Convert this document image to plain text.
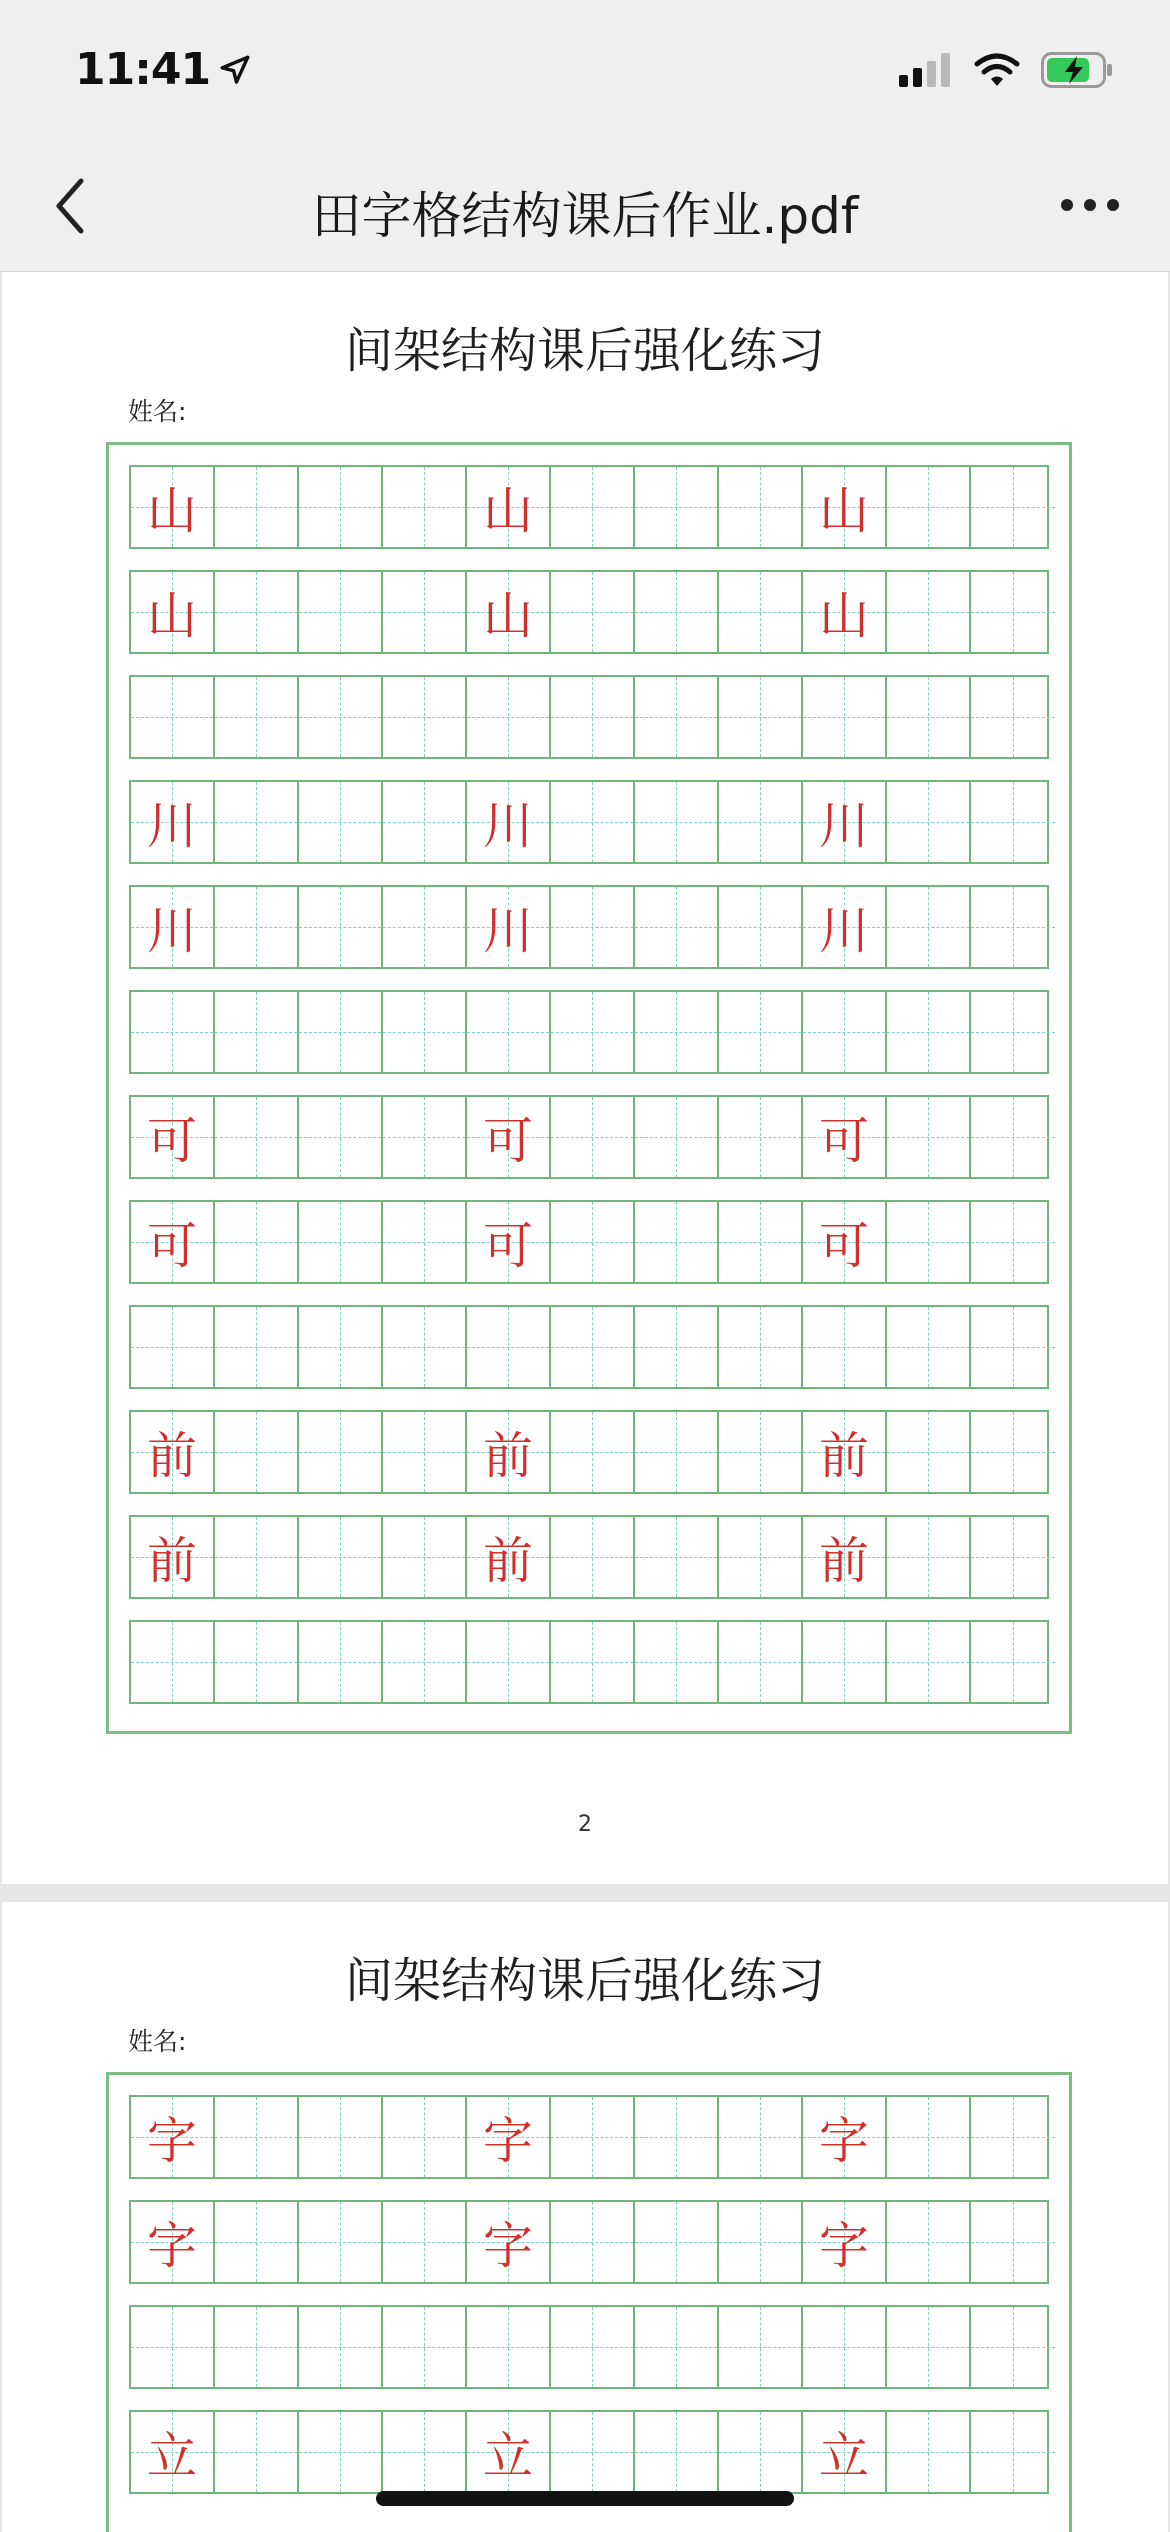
11:41
田字格结构课后作业.pdf
间架结构课后强化练习
姓名:
山	山	山
山	山	山
川	川	川
川	川	川
可	可	可
可	可	可
前	前	前
前	前	前
2
间架结构课后强化练习
姓名:
字	字	字
字	字	字
立	立	立
